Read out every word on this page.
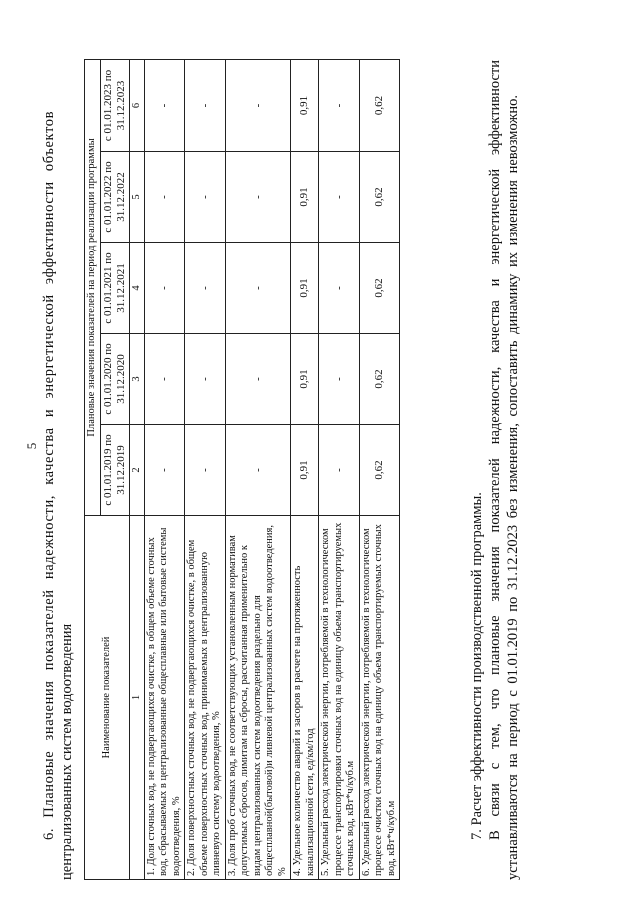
5 6. Плановые значения показателей надежности, качества и энергетической эффективности объектов централизованных систем водоотведения Наименование показателей	Плановые значения показателей на период реализации программы				
	с 01.01.2019 по 31.12.2019	с 01.01.2020 по 31.12.2020	с 01.01.2021 по 31.12.2021	с 01.01.2022 по 31.12.2022	с 01.01.2023 по 31.12.2023
1	2	3	4	5	6
1. Доля сточных вод, не подвергающихся очистке, в общем объеме сточных вод, сбрасываемых в централизованные общесплавные или бытовые системы водоотведения, %	-	-	-	-	-
2. Доля поверхностных сточных вод, не подвергающихся очистке, в общем объеме поверхностных сточных вод, принимаемых в централизованную ливневую систему водоотведения, %	-	-	-	-	-
3. Доля проб сточных вод, не соответствующих установленным нормативам допустимых сбросов, лимитам на сбросы, рассчитанная применительно к видам централизованных систем водоотведения раздельно для общесплавной(бытовой)и ливневой централизованных систем водоотведения, %	-	-	-	-	-
4. Удельное количество аварий и засоров в расчете на протяженность канализационной сети, ед/км/год	0,91	0,91	0,91	0,91	0,91
5. Удельный расход электрической энергии, потребляемой в технологическом процессе транспортировки сточных вод на единицу объема транспортируемых сточных вод, кВт*ч/куб.м	-	-	-	-	-
6. Удельный расход электрической энергии, потребляемой в технологическом процессе очистки сточных вод на единицу объема транспортируемых сточных вод, кВт*ч/куб.м	0,62	0,62	0,62	0,62	0,62
7. Расчет эффективности производственной программы. В связи с тем, что плановые значения показателей надежности, качества и энергетической эффективности устанавливаются на период с 01.01.2019 по 31.12.2023 без изменения, сопоставить динамику их изменения невозможно.
